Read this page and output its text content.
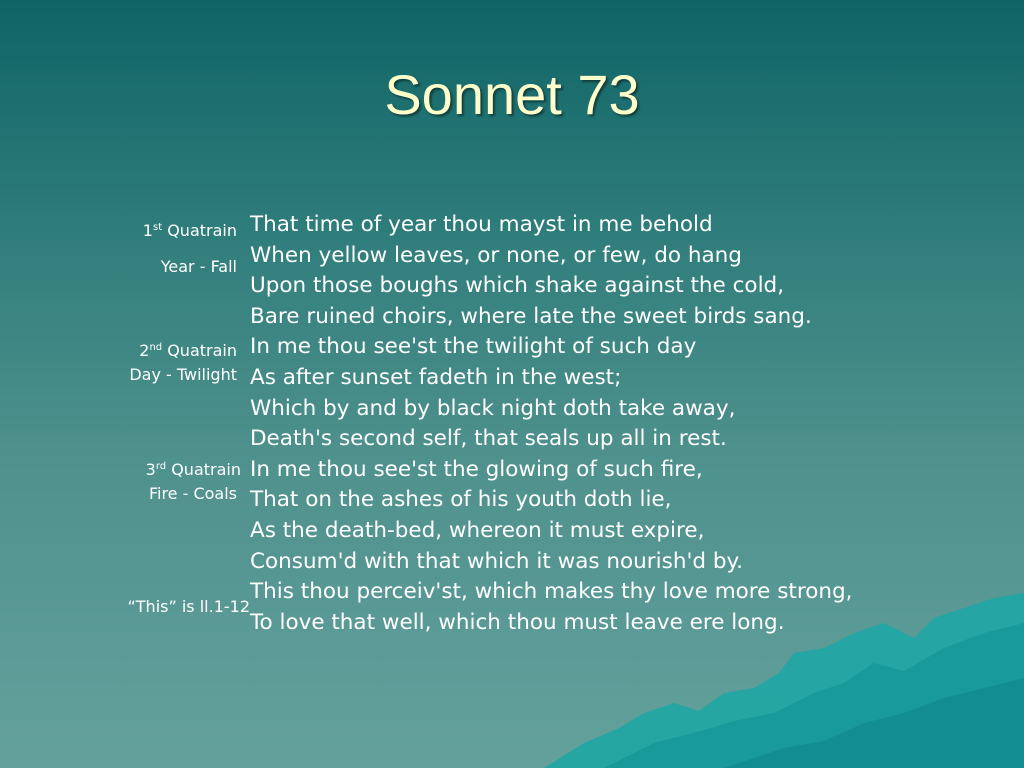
Sonnet 73
1st Quatrain
Year - Fall
2nd Quatrain
Day - Twilight
3rd Quatrain
Fire - Coals
“This” is ll.1-12
That time of year thou mayst in me behold
When yellow leaves, or none, or few, do hang
Upon those boughs which shake against the cold,
Bare ruined choirs, where late the sweet birds sang.
In me thou see'st the twilight of such day
As after sunset fadeth in the west;
Which by and by black night doth take away,
Death's second self, that seals up all in rest.
In me thou see'st the glowing of such fire,
That on the ashes of his youth doth lie,
As the death-bed, whereon it must expire,
Consum'd with that which it was nourish'd by.
This thou perceiv'st, which makes thy love more strong,
To love that well, which thou must leave ere long.
